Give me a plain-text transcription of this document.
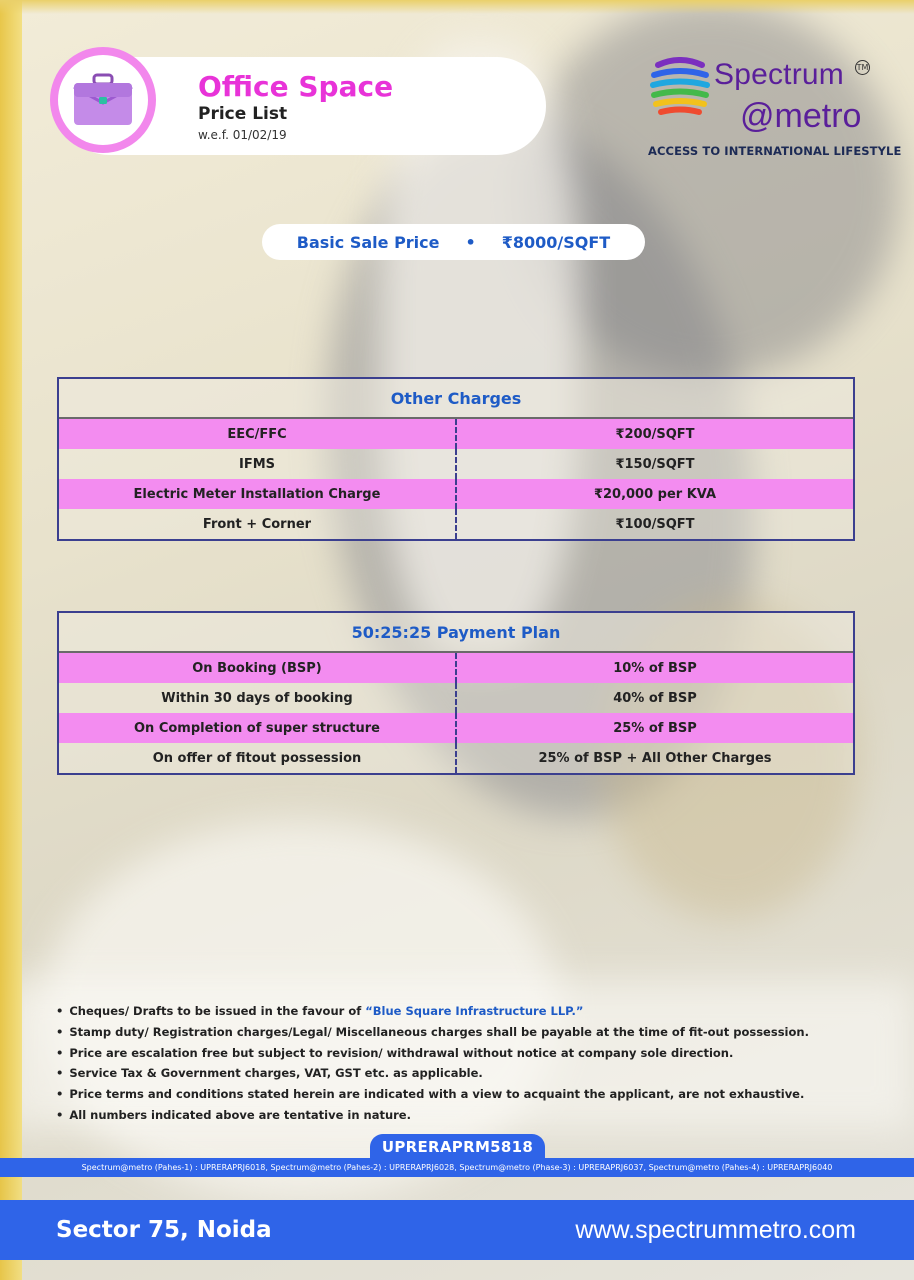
Office Space
Price List
w.e.f. 01/02/19
Spectrum TM
@metro
ACCESS TO INTERNATIONAL LIFESTYLE
Basic Sale Price • ₹8000/SQFT
Other Charges
EEC/FFC	₹200/SQFT
IFMS	₹150/SQFT
Electric Meter Installation Charge	₹20,000 per KVA
Front + Corner	₹100/SQFT
50:25:25 Payment Plan
On Booking (BSP)	10% of BSP
Within 30 days of booking	40% of BSP
On Completion of super structure	25% of BSP
On offer of fitout possession	25% of BSP + All Other Charges
• Cheques/ Drafts to be issued in the favour of “Blue Square Infrastructure LLP.”
• Stamp duty/ Registration charges/Legal/ Miscellaneous charges shall be payable at the time of fit-out possession.
• Price are escalation free but subject to revision/ withdrawal without notice at company sole direction.
• Service Tax & Government charges, VAT, GST etc. as applicable.
• Price terms and conditions stated herein are indicated with a view to acquaint the applicant, are not exhaustive.
• All numbers indicated above are tentative in nature.
UPRERAPRM5818
Spectrum@metro (Pahes-1) : UPRERAPRJ6018, Spectrum@metro (Pahes-2) : UPRERAPRJ6028, Spectrum@metro (Phase-3) : UPRERAPRJ6037, Spectrum@metro (Pahes-4) : UPRERAPRJ6040
Sector 75, Noida	www.spectrummetro.com
